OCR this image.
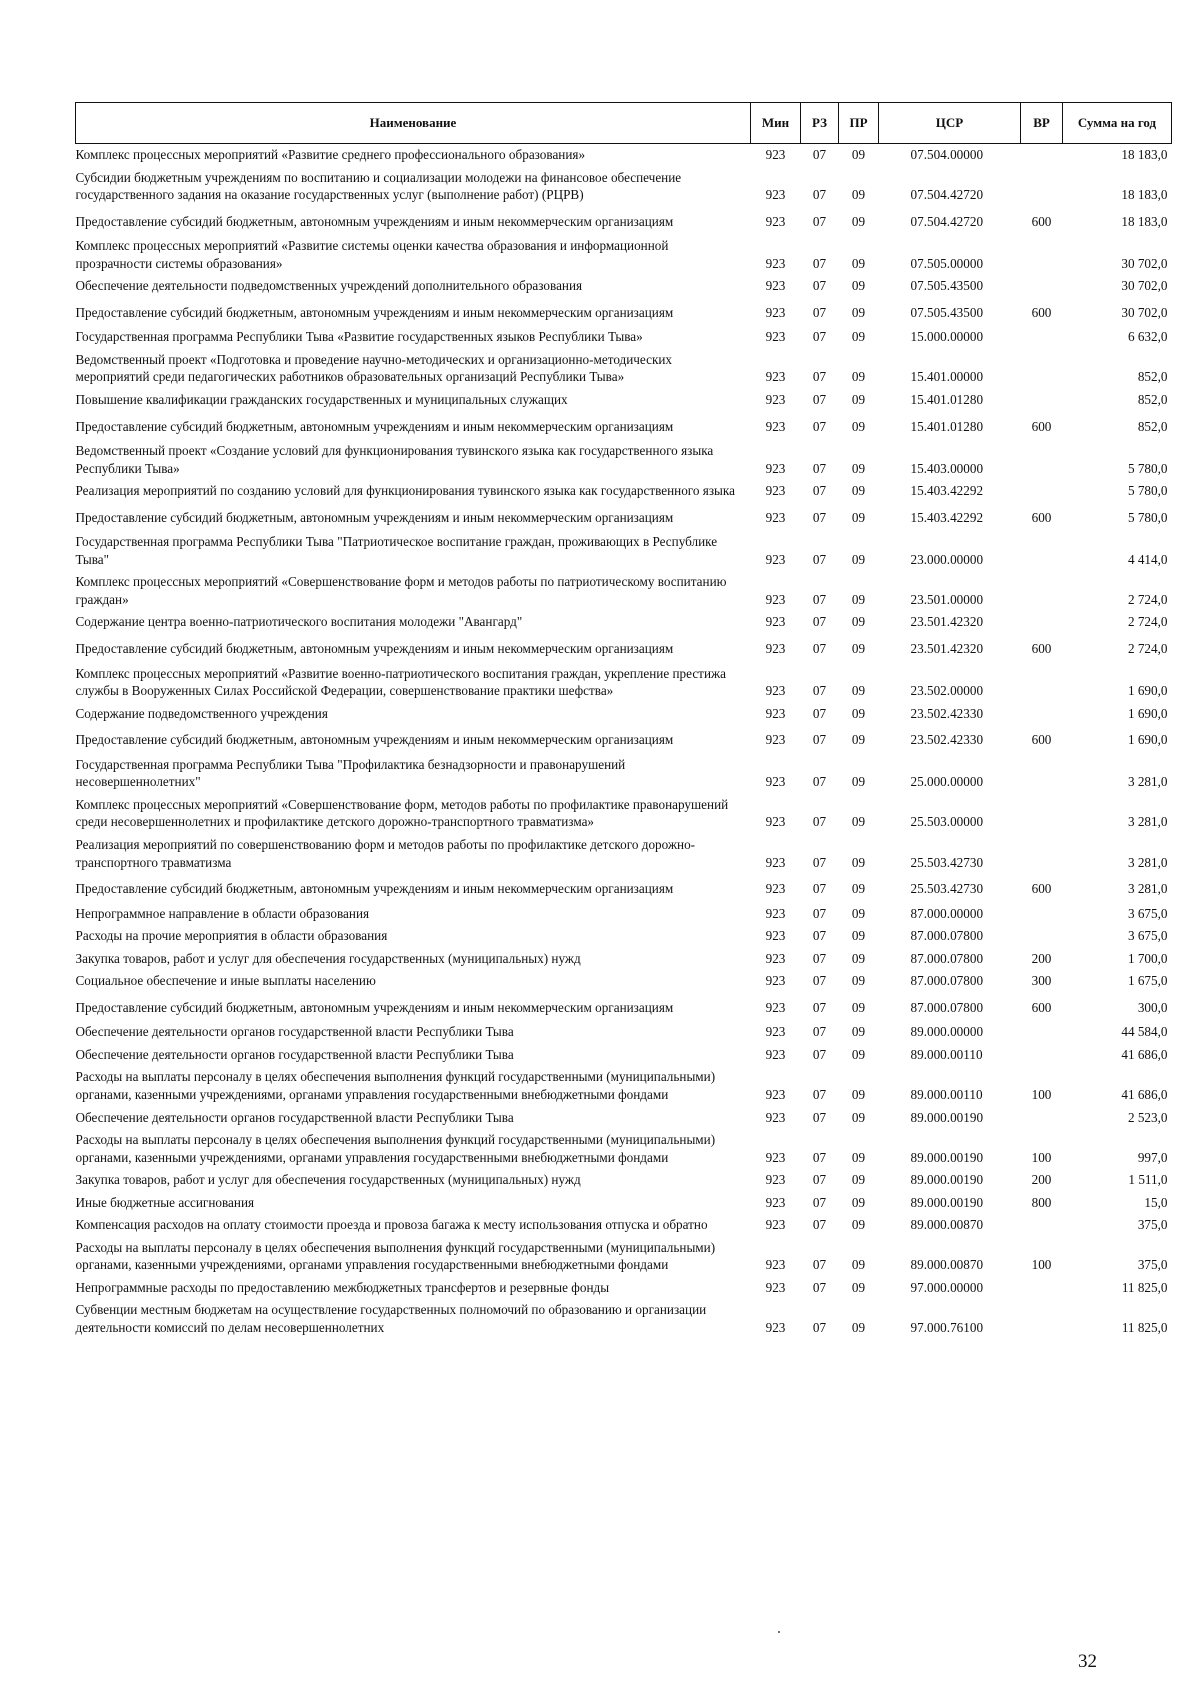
Наименование	Мин	РЗ	ПР	ЦСР	ВР	Сумма на год
Комплекс процессных мероприятий «Развитие среднего профессионального образования»	923	07	09	07.504.00000		18 183,0
Субсидии бюджетным учреждениям по воспитанию и социализации молодежи на финансовое обеспечение государственного задания на оказание государственных услуг (выполнение работ) (РЦРВ)	923	07	09	07.504.42720		18 183,0
Предоставление субсидий бюджетным, автономным учреждениям и иным некоммерческим организациям	923	07	09	07.504.42720	600	18 183,0
Комплекс процессных мероприятий «Развитие системы оценки качества образования и информационной прозрачности системы образования»	923	07	09	07.505.00000		30 702,0
Обеспечение деятельности подведомственных учреждений дополнительного образования	923	07	09	07.505.43500		30 702,0
Предоставление субсидий бюджетным, автономным учреждениям и иным некоммерческим организациям	923	07	09	07.505.43500	600	30 702,0
Государственная программа Республики Тыва «Развитие государственных языков Республики Тыва»	923	07	09	15.000.00000		6 632,0
Ведомственный проект «Подготовка и проведение научно-методических и организационно-методических мероприятий среди педагогических работников образовательных организаций Республики Тыва»	923	07	09	15.401.00000		852,0
Повышение квалификации гражданских государственных и муниципальных служащих	923	07	09	15.401.01280		852,0
Предоставление субсидий бюджетным, автономным учреждениям и иным некоммерческим организациям	923	07	09	15.401.01280	600	852,0
Ведомственный проект «Создание условий для функционирования тувинского языка как государственного языка Республики Тыва»	923	07	09	15.403.00000		5 780,0
Реализация мероприятий по созданию условий для функционирования тувинского языка как государственного языка	923	07	09	15.403.42292		5 780,0
Предоставление субсидий бюджетным, автономным учреждениям и иным некоммерческим организациям	923	07	09	15.403.42292	600	5 780,0
Государственная программа Республики Тыва "Патриотическое воспитание граждан, проживающих в Республике Тыва"	923	07	09	23.000.00000		4 414,0
Комплекс процессных мероприятий «Совершенствование форм и методов работы по патриотическому воспитанию граждан»	923	07	09	23.501.00000		2 724,0
Содержание центра военно-патриотического воспитания молодежи "Авангард"	923	07	09	23.501.42320		2 724,0
Предоставление субсидий бюджетным, автономным учреждениям и иным некоммерческим организациям	923	07	09	23.501.42320	600	2 724,0
Комплекс процессных мероприятий «Развитие военно-патриотического воспитания граждан, укрепление престижа службы в Вооруженных Силах Российской Федерации, совершенствование практики шефства»	923	07	09	23.502.00000		1 690,0
Содержание подведомственного учреждения	923	07	09	23.502.42330		1 690,0
Предоставление субсидий бюджетным, автономным учреждениям и иным некоммерческим организациям	923	07	09	23.502.42330	600	1 690,0
Государственная программа Республики Тыва "Профилактика безнадзорности и правонарушений несовершеннолетних"	923	07	09	25.000.00000		3 281,0
Комплекс процессных мероприятий «Совершенствование форм, методов работы по профилактике правонарушений среди несовершеннолетних и профилактике детского дорожно-транспортного травматизма»	923	07	09	25.503.00000		3 281,0
Реализация мероприятий по совершенствованию форм и методов работы по профилактике детского дорожно-транспортного травматизма	923	07	09	25.503.42730		3 281,0
Предоставление субсидий бюджетным, автономным учреждениям и иным некоммерческим организациям	923	07	09	25.503.42730	600	3 281,0
Непрограммное направление в области образования	923	07	09	87.000.00000		3 675,0
Расходы на прочие мероприятия в области образования	923	07	09	87.000.07800		3 675,0
Закупка товаров, работ и услуг для обеспечения государственных (муниципальных) нужд	923	07	09	87.000.07800	200	1 700,0
Социальное обеспечение и иные выплаты населению	923	07	09	87.000.07800	300	1 675,0
Предоставление субсидий бюджетным, автономным учреждениям и иным некоммерческим организациям	923	07	09	87.000.07800	600	300,0
Обеспечение деятельности органов государственной власти Республики Тыва	923	07	09	89.000.00000		44 584,0
Обеспечение деятельности органов государственной власти Республики Тыва	923	07	09	89.000.00110		41 686,0
Расходы на выплаты персоналу в целях обеспечения выполнения функций государственными (муниципальными) органами, казенными учреждениями, органами управления государственными внебюджетными фондами	923	07	09	89.000.00110	100	41 686,0
Обеспечение деятельности органов государственной власти Республики Тыва	923	07	09	89.000.00190		2 523,0
Расходы на выплаты персоналу в целях обеспечения выполнения функций государственными (муниципальными) органами, казенными учреждениями, органами управления государственными внебюджетными фондами	923	07	09	89.000.00190	100	997,0
Закупка товаров, работ и услуг для обеспечения государственных (муниципальных) нужд	923	07	09	89.000.00190	200	1 511,0
Иные бюджетные ассигнования	923	07	09	89.000.00190	800	15,0
Компенсация расходов на оплату стоимости проезда и провоза багажа к месту использования отпуска и обратно	923	07	09	89.000.00870		375,0
Расходы на выплаты персоналу в целях обеспечения выполнения функций государственными (муниципальными) органами, казенными учреждениями, органами управления государственными внебюджетными фондами	923	07	09	89.000.00870	100	375,0
Непрограммные расходы по предоставлению межбюджетных трансфертов и резервные фонды	923	07	09	97.000.00000		11 825,0
Субвенции местным бюджетам на осуществление государственных полномочий по образованию и организации деятельности комиссий по делам несовершеннолетних	923	07	09	97.000.76100		11 825,0
32
